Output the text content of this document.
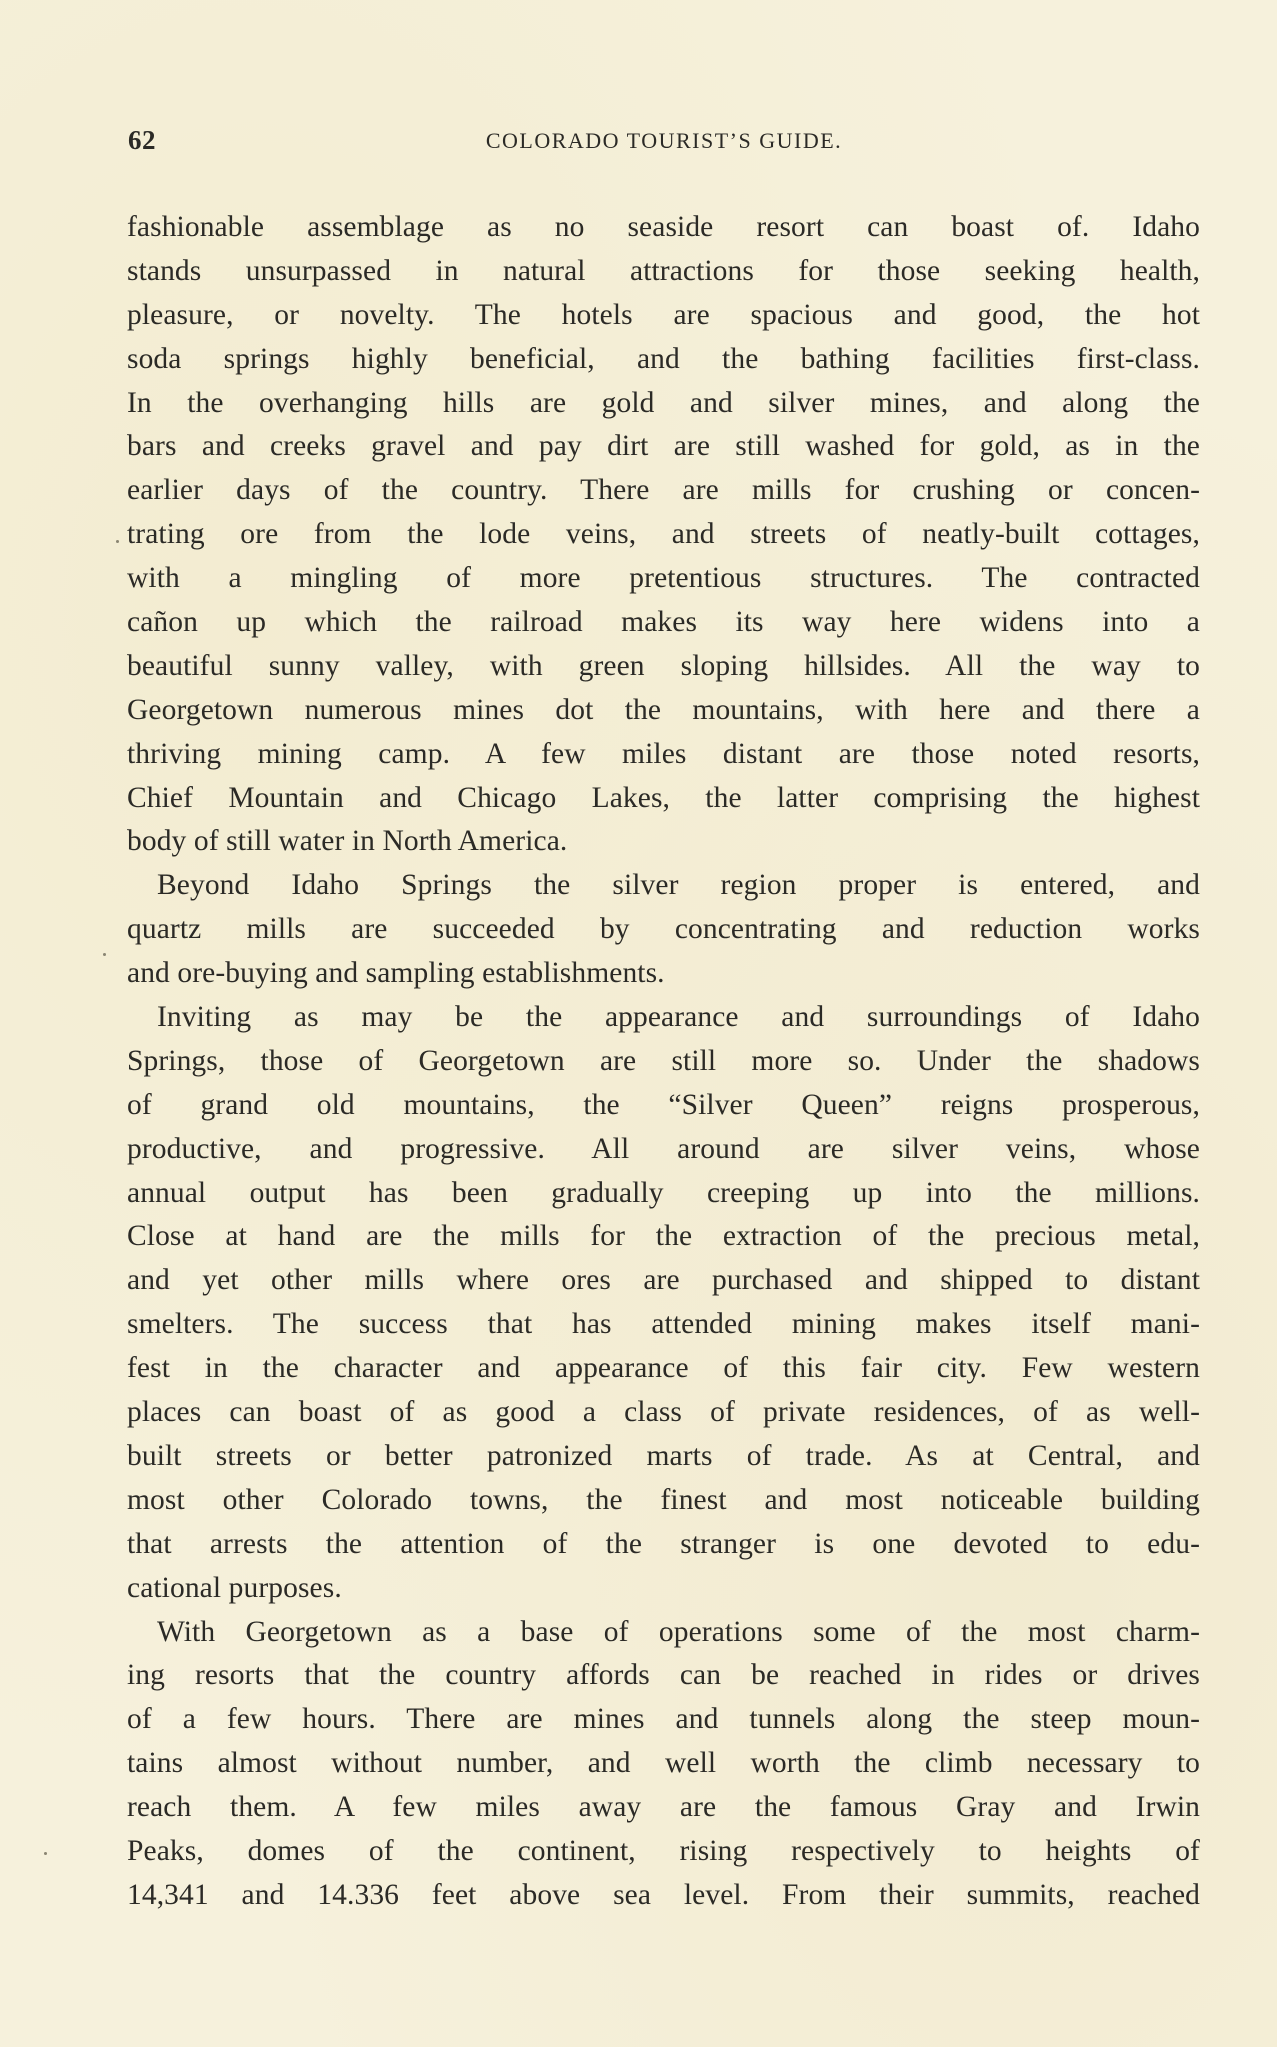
62	COLORADO TOURIST’S GUIDE.
fashionable assemblage as no seaside resort can boast of. Idaho
stands unsurpassed in natural attractions for those seeking health,
pleasure, or novelty. The hotels are spacious and good, the hot
soda springs highly beneficial, and the bathing facilities first-class.
In the overhanging hills are gold and silver mines, and along the
bars and creeks gravel and pay dirt are still washed for gold, as in the
earlier days of the country. There are mills for crushing or concen-
trating ore from the lode veins, and streets of neatly-built cottages,
with a mingling of more pretentious structures. The contracted
cañon up which the railroad makes its way here widens into a
beautiful sunny valley, with green sloping hillsides. All the way to
Georgetown numerous mines dot the mountains, with here and there a
thriving mining camp. A few miles distant are those noted resorts,
Chief Mountain and Chicago Lakes, the latter comprising the highest
body of still water in North America.
Beyond Idaho Springs the silver region proper is entered, and
quartz mills are succeeded by concentrating and reduction works
and ore-buying and sampling establishments.
Inviting as may be the appearance and surroundings of Idaho
Springs, those of Georgetown are still more so. Under the shadows
of grand old mountains, the “Silver Queen” reigns prosperous,
productive, and progressive. All around are silver veins, whose
annual output has been gradually creeping up into the millions.
Close at hand are the mills for the extraction of the precious metal,
and yet other mills where ores are purchased and shipped to distant
smelters. The success that has attended mining makes itself mani-
fest in the character and appearance of this fair city. Few western
places can boast of as good a class of private residences, of as well-
built streets or better patronized marts of trade. As at Central, and
most other Colorado towns, the finest and most noticeable building
that arrests the attention of the stranger is one devoted to edu-
cational purposes.
With Georgetown as a base of operations some of the most charm-
ing resorts that the country affords can be reached in rides or drives
of a few hours. There are mines and tunnels along the steep moun-
tains almost without number, and well worth the climb necessary to
reach them. A few miles away are the famous Gray and Irwin
Peaks, domes of the continent, rising respectively to heights of
14,341 and 14.336 feet above sea level. From their summits, reached
